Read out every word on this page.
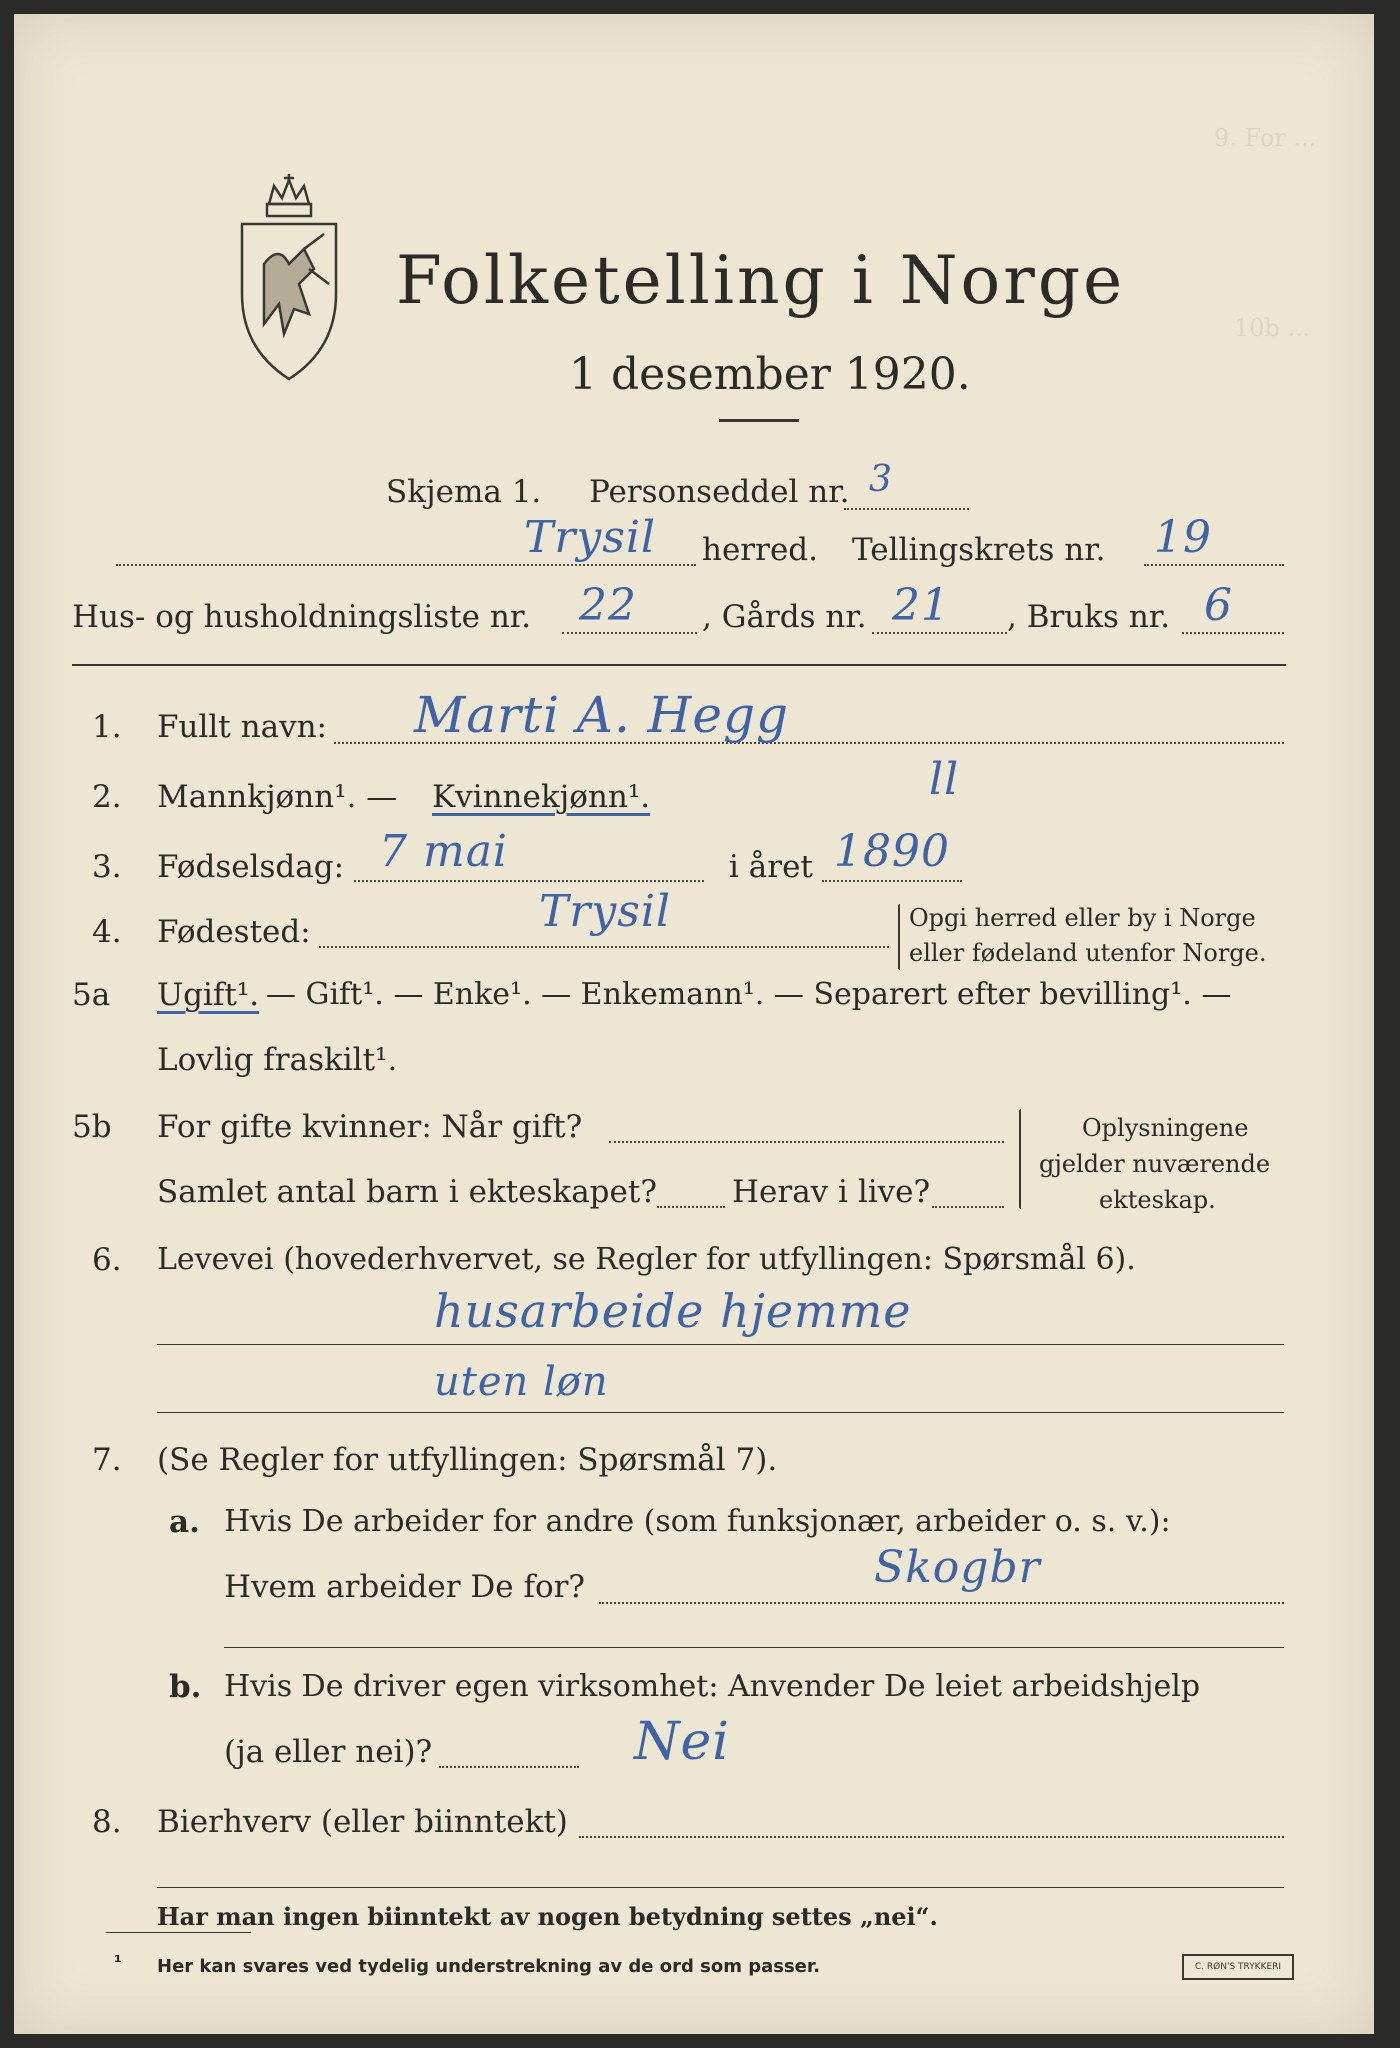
9. For ...
10b ...
Folketelling i Norge
1 desember 1920.
Skjema 1. Personseddel nr. 3
Trysil herred. Tellingskrets nr. 19
Hus- og husholdningsliste nr. 22 , Gårds nr. 21 , Bruks nr. 6
1. Fullt navn: Marti A. Hegg
2. Mannkjønn¹. — Kvinnekjønn¹.	ll
3. Fødselsdag: 7 mai	i året 1890
4. Fødested:	Trysil	Opgi herred eller by i Norge
eller fødeland utenfor Norge.
5a Ugift¹. — Gift¹. — Enke¹. — Enkemann¹. — Separert efter bevilling¹. —
Lovlig fraskilt¹.
5b For gifte kvinner: Når gift?
Samlet antal barn i ekteskapet? Herav i live?
Oplysningene
gjelder nuværende
ekteskap.
6. Levevei (hovederhvervet, se Regler for utfyllingen: Spørsmål 6).
husarbeide hjemme
uten løn
7. (Se Regler for utfyllingen: Spørsmål 7).
a. Hvis De arbeider for andre (som funksjonær, arbeider o. s. v.):
Hvem arbeider De for?	Skogbr
b. Hvis De driver egen virksomhet: Anvender De leiet arbeidshjelp
(ja eller nei)?	Nei
8. Bierhverv (eller biinntekt)
Har man ingen biinntekt av nogen betydning settes „nei“.
¹ Her kan svares ved tydelig understrekning av de ord som passer.	C. RØN'S TRYKKERI
